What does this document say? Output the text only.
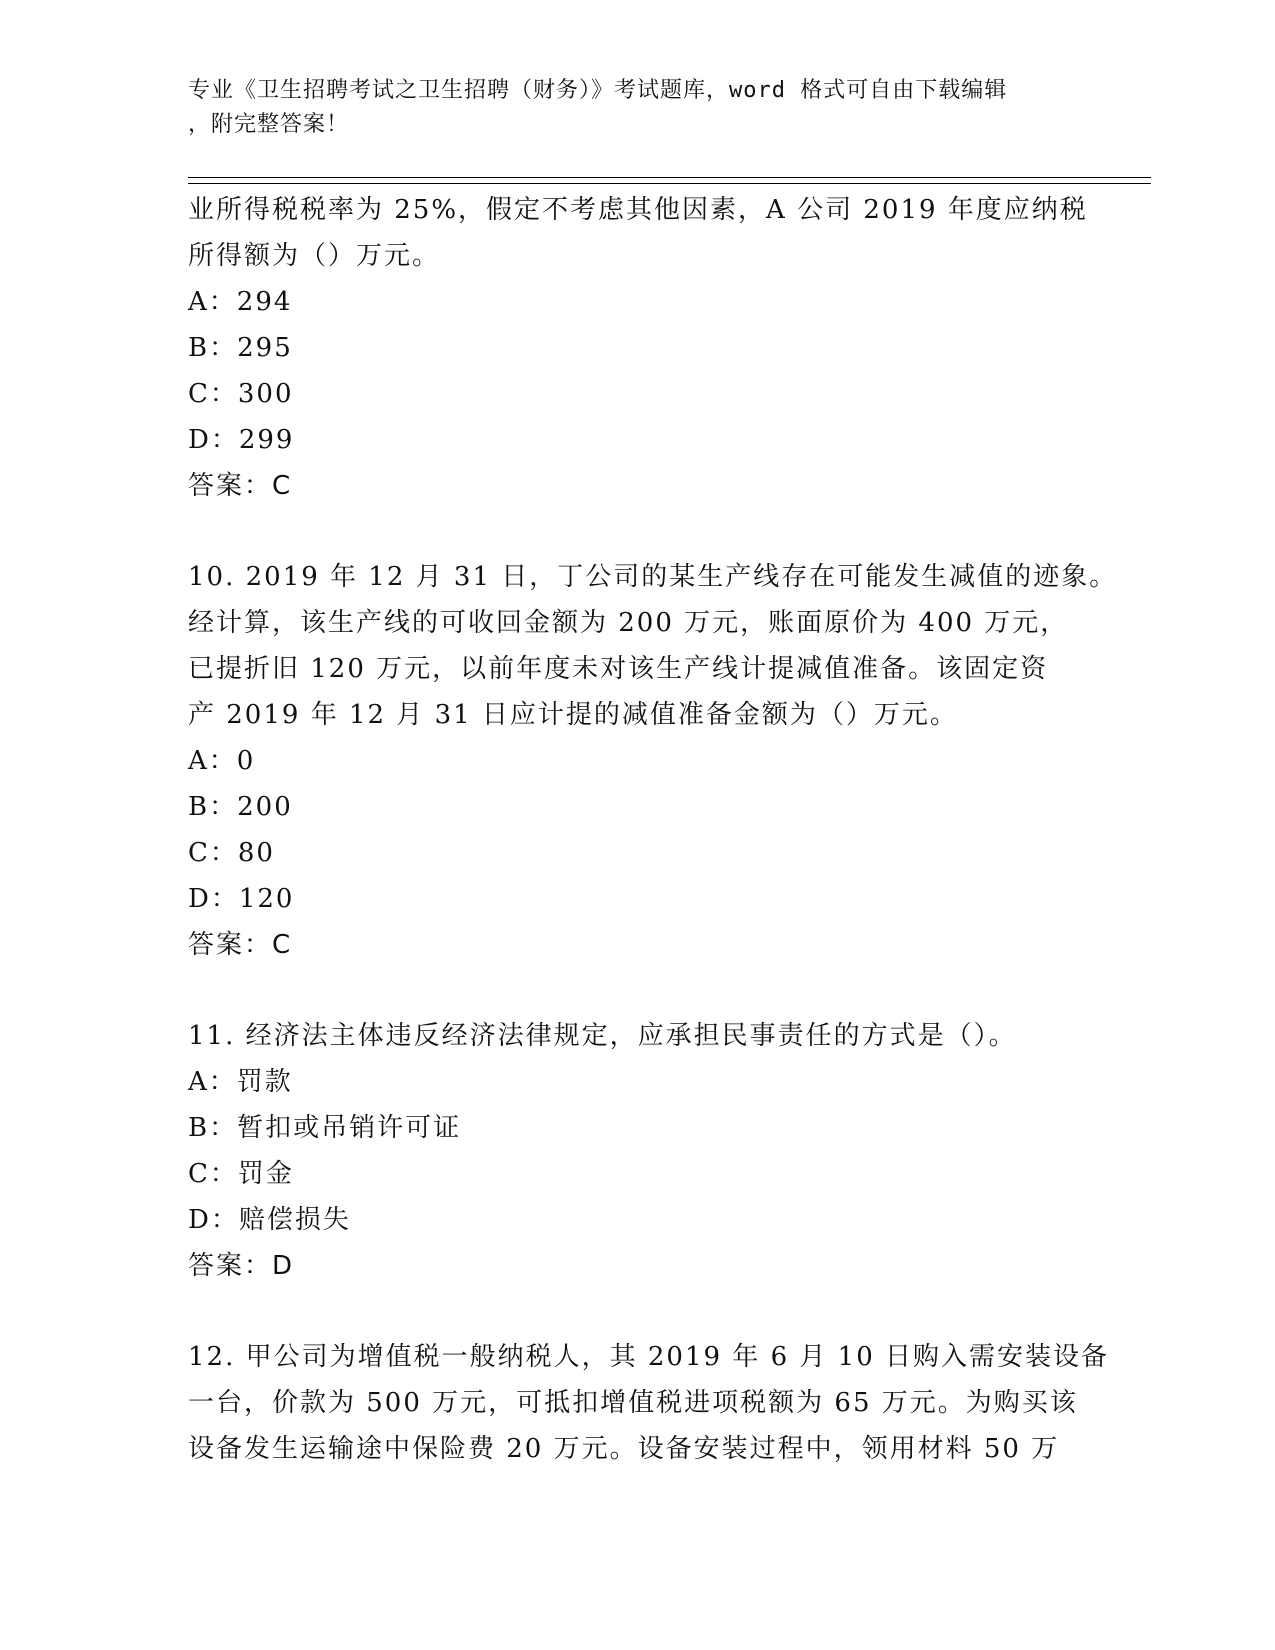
专业《卫生招聘考试之卫生招聘（财务）》考试题库，word 格式可自由下载编辑
，附完整答案！
业所得税税率为 25%，假定不考虑其他因素，A 公司 2019 年度应纳税
所得额为（）万元。
A：294
B：295
C：300
D：299
答案：C
10. 2019 年 12 月 31 日，丁公司的某生产线存在可能发生减值的迹象。
经计算，该生产线的可收回金额为 200 万元，账面原价为 400 万元，
已提折旧 120 万元，以前年度未对该生产线计提减值准备。该固定资
产 2019 年 12 月 31 日应计提的减值准备金额为（）万元。
A：0
B：200
C：80
D：120
答案：C
11. 经济法主体违反经济法律规定，应承担民事责任的方式是（）。
A：罚款
B：暂扣或吊销许可证
C：罚金
D：赔偿损失
答案：D
12. 甲公司为增值税一般纳税人，其 2019 年 6 月 10 日购入需安装设备
一台，价款为 500 万元，可抵扣增值税进项税额为 65 万元。为购买该
设备发生运输途中保险费 20 万元。设备安装过程中，领用材料 50 万
